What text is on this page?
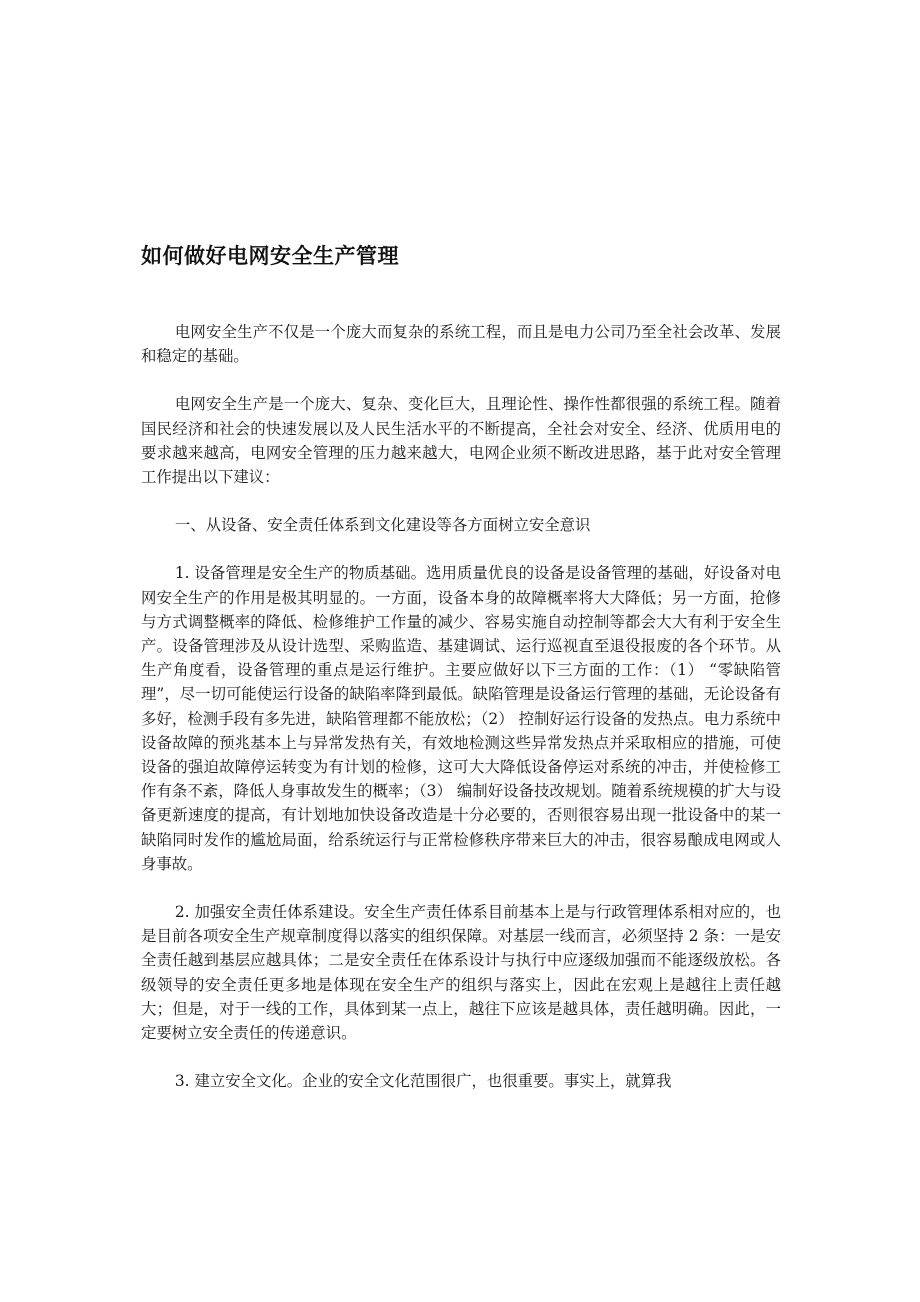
如何做好电网安全生产管理

电网安全生产不仅是一个庞大而复杂的系统工程，而且是电力公司乃至全社会改革、发展和稳定的基础。

电网安全生产是一个庞大、复杂、变化巨大，且理论性、操作性都很强的系统工程。随着国民经济和社会的快速发展以及人民生活水平的不断提高，全社会对安全、经济、优质用电的要求越来越高，电网安全管理的压力越来越大，电网企业须不断改进思路，基于此对安全管理工作提出以下建议：

一、从设备、安全责任体系到文化建设等各方面树立安全意识

1. 设备管理是安全生产的物质基础。选用质量优良的设备是设备管理的基础，好设备对电网安全生产的作用是极其明显的。一方面，设备本身的故障概率将大大降低；另一方面，抢修与方式调整概率的降低、检修维护工作量的减少、容易实施自动控制等都会大大有利于安全生产。设备管理涉及从设计选型、采购监造、基建调试、运行巡视直至退役报废的各个环节。从生产角度看，设备管理的重点是运行维护。主要应做好以下三方面的工作：（1） “零缺陷管理”，尽一切可能使运行设备的缺陷率降到最低。缺陷管理是设备运行管理的基础，无论设备有多好，检测手段有多先进，缺陷管理都不能放松；（2） 控制好运行设备的发热点。电力系统中设备故障的预兆基本上与异常发热有关，有效地检测这些异常发热点并采取相应的措施，可使设备的强迫故障停运转变为有计划的检修，这可大大降低设备停运对系统的冲击，并使检修工作有条不紊，降低人身事故发生的概率；（3） 编制好设备技改规划。随着系统规模的扩大与设备更新速度的提高，有计划地加快设备改造是十分必要的，否则很容易出现一批设备中的某一缺陷同时发作的尴尬局面，给系统运行与正常检修秩序带来巨大的冲击，很容易酿成电网或人身事故。

2. 加强安全责任体系建设。安全生产责任体系目前基本上是与行政管理体系相对应的，也是目前各项安全生产规章制度得以落实的组织保障。对基层一线而言，必须坚持 2 条：一是安全责任越到基层应越具体；二是安全责任在体系设计与执行中应逐级加强而不能逐级放松。各级领导的安全责任更多地是体现在安全生产的组织与落实上，因此在宏观上是越往上责任越大；但是，对于一线的工作，具体到某一点上，越往下应该是越具体，责任越明确。因此，一定要树立安全责任的传递意识。

3. 建立安全文化。企业的安全文化范围很广，也很重要。事实上，就算我
